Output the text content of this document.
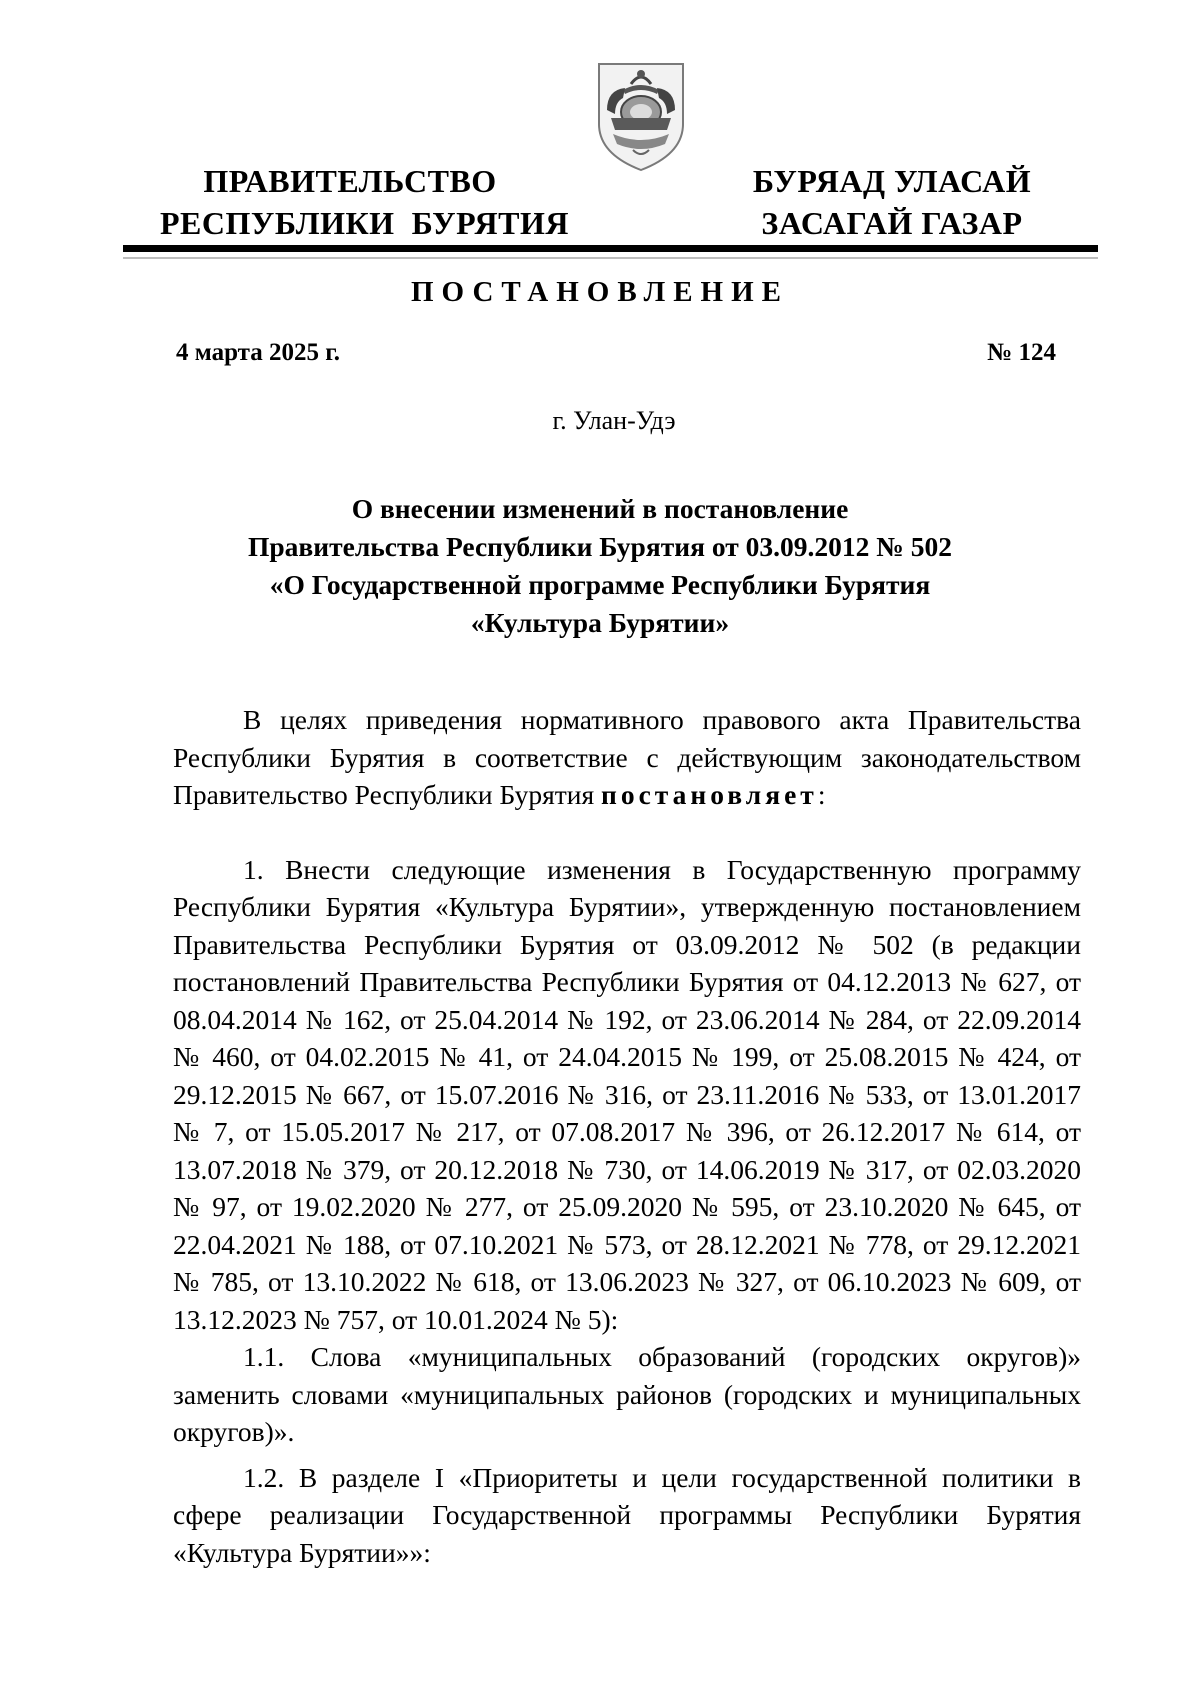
ПРАВИТЕЛЬСТВО
РЕСПУБЛИКИ  БУРЯТИЯ
БУРЯАД УЛАСАЙ
ЗАСАГАЙ ГАЗАР
ПОСТАНОВЛЕНИЕ
4 марта 2025 г.	№ 124
г. Улан-Удэ
О внесении изменений в постановление
Правительства Республики Бурятия от 03.09.2012 № 502
«О Государственной программе Республики Бурятия
«Культура Бурятии»

В целях приведения нормативного правового акта Правительства Республики Бурятия в соответствие с действующим законодательством Правительство Республики Бурятия постановляет:

1. Внести следующие изменения в Государственную программу Республики Бурятия «Культура Бурятии», утвержденную постановлением Правительства Республики Бурятия от 03.09.2012 № 502 (в редакции постановлений Правительства Республики Бурятия от 04.12.2013 № 627, от 08.04.2014 № 162, от 25.04.2014 № 192, от 23.06.2014 № 284, от 22.09.2014 № 460, от 04.02.2015 № 41, от 24.04.2015 № 199, от 25.08.2015 № 424, от 29.12.2015 № 667, от 15.07.2016 № 316, от 23.11.2016 № 533, от 13.01.2017 № 7, от 15.05.2017 № 217, от 07.08.2017 № 396, от 26.12.2017 № 614, от 13.07.2018 № 379, от 20.12.2018 № 730, от 14.06.2019 № 317, от 02.03.2020 № 97, от 19.02.2020 № 277, от 25.09.2020 № 595, от 23.10.2020 № 645, от 22.04.2021 № 188, от 07.10.2021 № 573, от 28.12.2021 № 778, от 29.12.2021 № 785, от 13.10.2022 № 618, от 13.06.2023 № 327, от 06.10.2023 № 609, от 13.12.2023 № 757, от 10.01.2024 № 5):

1.1. Слова «муниципальных образований (городских округов)» заменить словами «муниципальных районов (городских и муниципальных округов)».

1.2. В разделе I «Приоритеты и цели государственной политики в сфере реализации Государственной программы Республики Бурятия «Культура Бурятии»»:
